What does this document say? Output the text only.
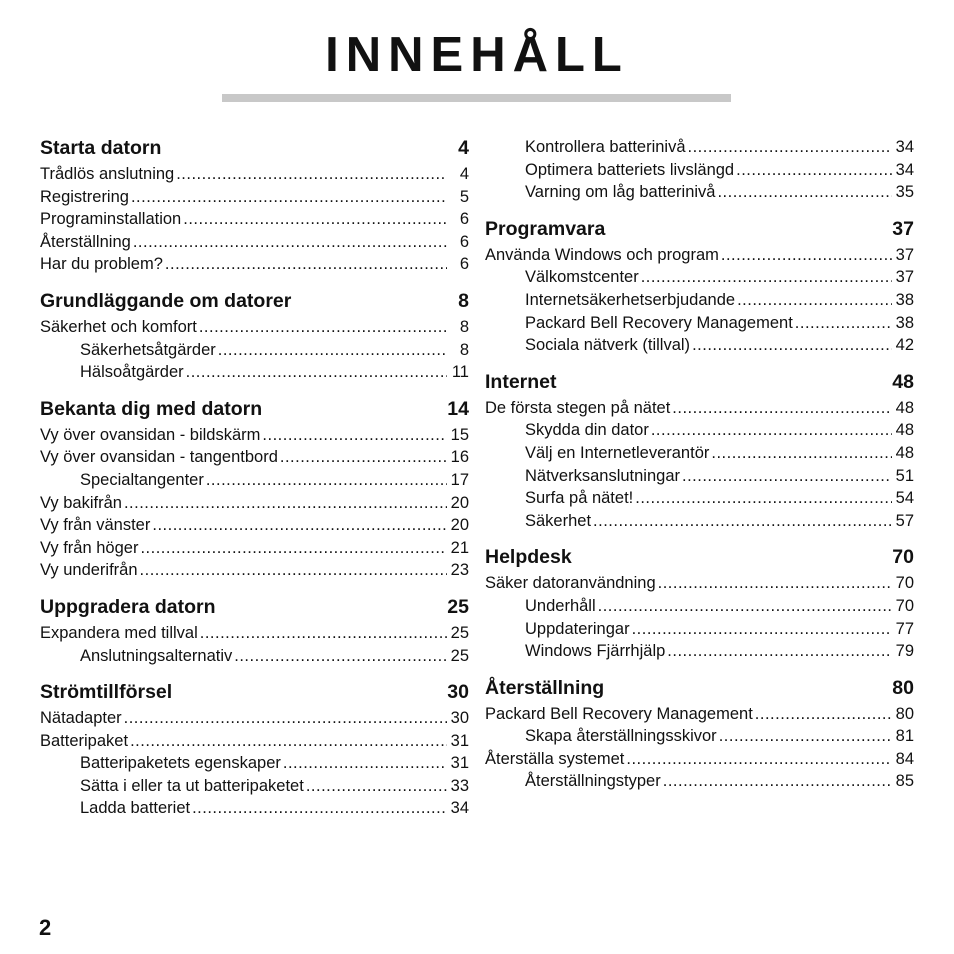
INNEHÅLL
Starta datorn	4
Trådlös anslutning .....	4
Registrering .....	5
Programinstallation .....	6
Återställning .....	6
Har du problem? .....	6
Grundläggande om datorer	8
Säkerhet och komfort .....	8
Säkerhetsåtgärder .....	8
Hälsoåtgärder .....	11
Bekanta dig med datorn	14
Vy över ovansidan - bildskärm .....	15
Vy över ovansidan - tangentbord .....	16
Specialtangenter .....	17
Vy bakifrån .....	20
Vy från vänster .....	20
Vy från höger .....	21
Vy underifrån .....	23
Uppgradera datorn	25
Expandera med tillval .....	25
Anslutningsalternativ .....	25
Strömtillförsel	30
Nätadapter .....	30
Batteripaket .....	31
Batteripaketets egenskaper .....	31
Sätta i eller ta ut batteripaketet .....	33
Ladda batteriet .....	34
Kontrollera batterinivå .....	34
Optimera batteriets livslängd .....	34
Varning om låg batterinivå .....	35
Programvara	37
Använda Windows och program .....	37
Välkomstcenter .....	37
Internetsäkerhetserbjudande .....	38
Packard Bell Recovery Management .....	38
Sociala nätverk (tillval) .....	42
Internet	48
De första stegen på nätet .....	48
Skydda din dator .....	48
Välj en Internetleverantör .....	48
Nätverksanslutningar .....	51
Surfa på nätet! .....	54
Säkerhet .....	57
Helpdesk	70
Säker datoranvändning .....	70
Underhåll .....	70
Uppdateringar .....	77
Windows Fjärrhjälp .....	79
Återställning	80
Packard Bell Recovery Management .....	80
Skapa återställningsskivor .....	81
Återställa systemet .....	84
Återställningstyper .....	85
2
